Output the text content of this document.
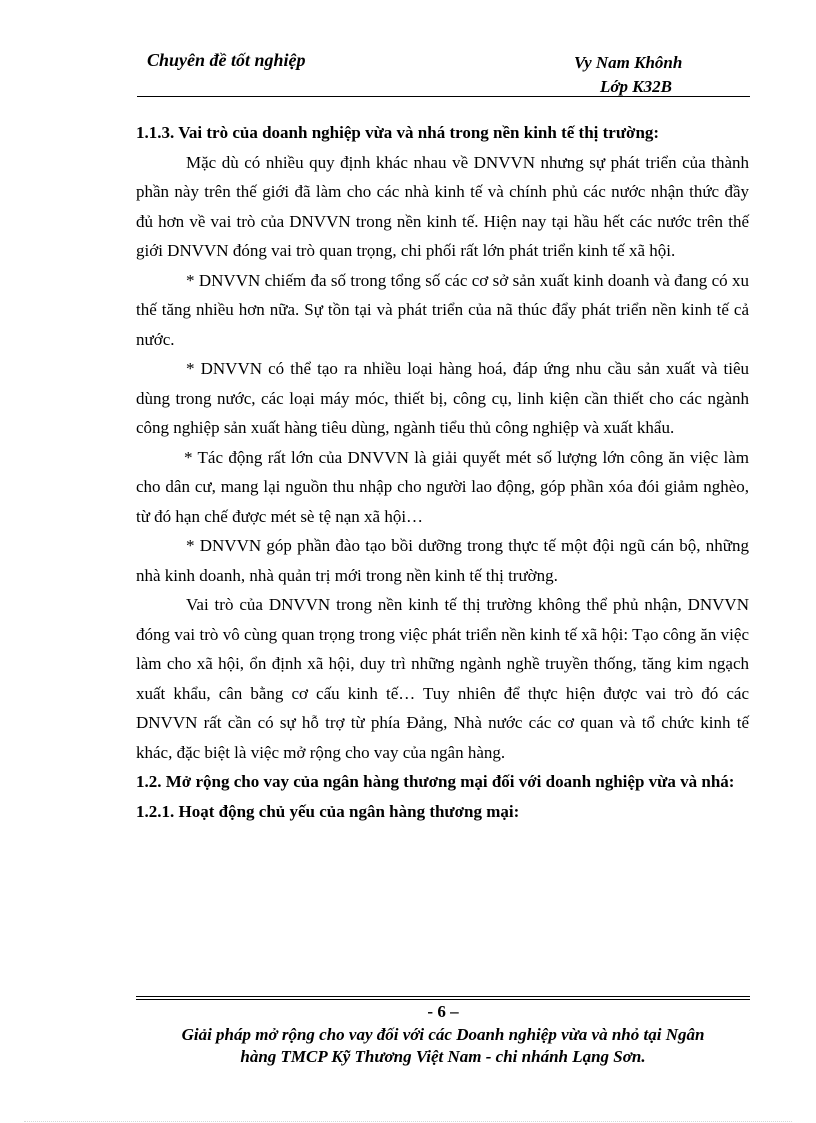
Chuyên đề tốt nghiệp	Vy Nam Khônh
Lớp K32B
1.1.3. Vai trò của doanh nghiệp vừa và nhá trong nền kinh tế thị trường:

Mặc dù có nhiều quy định khác nhau về DNVVN nhưng sự phát triển của thành phần này trên thế giới đã làm cho các nhà kinh tế và chính phủ các nước nhận thức đầy đủ hơn về vai trò của DNVVN trong nền kinh tế. Hiện nay tại hầu hết các nước trên thế giới DNVVN đóng vai trò quan trọng, chi phối rất lớn phát triển kinh tế xã hội.

* DNVVN chiếm đa số trong tổng số các cơ sở sản xuất kinh doanh và đang có xu thế tăng nhiều hơn nữa. Sự tồn tại và phát triển của nã thúc đẩy phát triển nền kinh tế cả nước.

* DNVVN có thể tạo ra nhiều loại hàng hoá, đáp ứng nhu cầu sản xuất và tiêu dùng trong nước, các loại máy móc, thiết bị, công cụ, linh kiện cần thiết cho các ngành công nghiệp sản xuất hàng tiêu dùng, ngành tiểu thủ công nghiệp và xuất khẩu.

* Tác động rất lớn của DNVVN là giải quyết mét số lượng lớn công ăn việc làm cho dân cư, mang lại nguồn thu nhập cho người lao động, góp phần xóa đói giảm nghèo, từ đó hạn chế được mét sè tệ nạn xã hội…

* DNVVN góp phần đào tạo bồi dưỡng trong thực tế một đội ngũ cán bộ, những nhà kinh doanh, nhà quản trị mới trong nền kinh tế thị trường.

Vai trò của DNVVN trong nền kinh tế thị trường không thể phủ nhận, DNVVN đóng vai trò vô cùng quan trọng trong việc phát triển nền kinh tế xã hội: Tạo công ăn việc làm cho xã hội, ổn định xã hội, duy trì những ngành nghề truyền thống, tăng kim ngạch xuất khẩu, cân bằng cơ cấu kinh tế… Tuy nhiên để thực hiện được vai trò đó các DNVVN rất cần có sự hỗ trợ từ phía Đảng, Nhà nước các cơ quan và tổ chức kinh tế khác, đặc biệt là việc mở rộng cho vay của ngân hàng.

1.2. Mở rộng cho vay của ngân hàng thương mại đối với doanh nghiệp vừa và nhá:
1.2.1. Hoạt động chủ yếu của ngân hàng thương mại:
- 6 –
Giải pháp mở rộng cho vay đối với các Doanh nghiệp vừa và nhỏ tại Ngân
hàng TMCP Kỹ Thương Việt Nam - chi nhánh Lạng Sơn.
